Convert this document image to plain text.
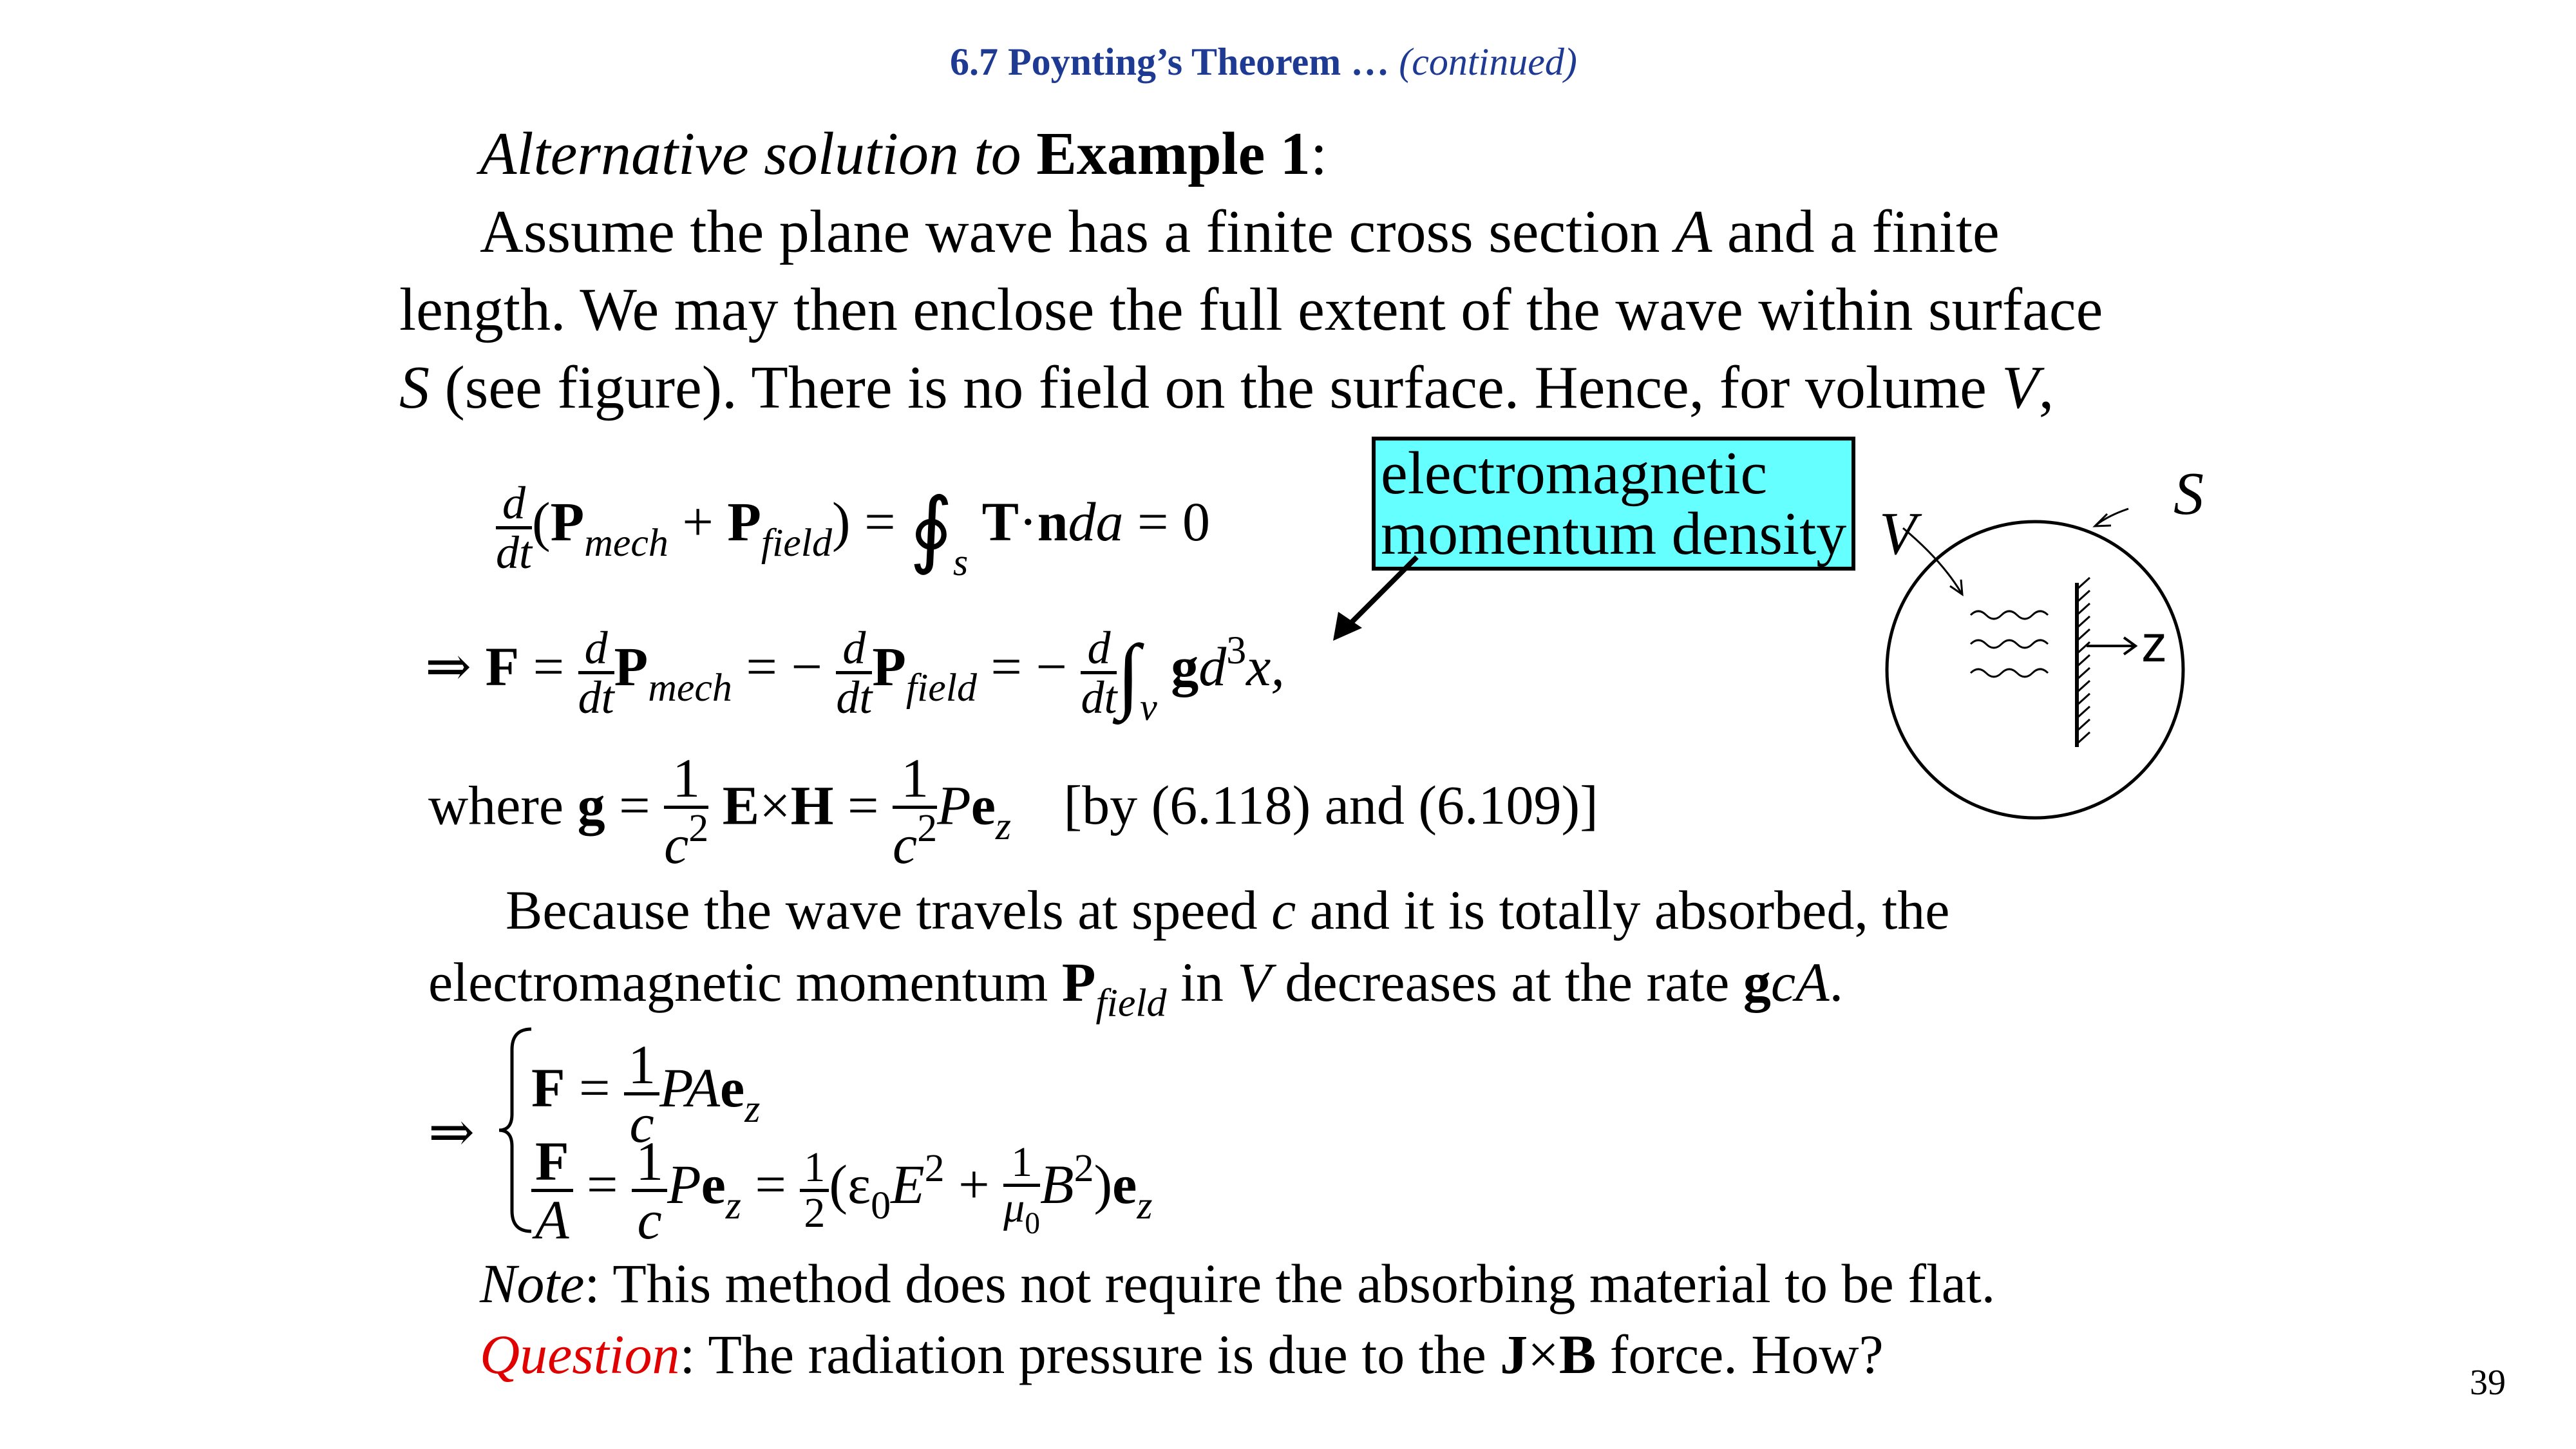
6.7 Poynting’s Theorem … (continued)
Alternative solution to Example 1:
Assume the plane wave has a finite cross section A and a finite
length. We may then enclose the full extent of the wave within surface
S (see figure). There is no field on the surface. Hence, for volume V,
$\frac{d}{dt} (P_{mech} + P_{field})$ = $∮_s$ T·nda = 0
electromagnetic
momentum density V
S
z
⇒ $F = \frac{d}{dt} P_{mech}$ = − $\frac{d}{dt} P_{field}$ = − $\frac{d}{dt} \int_v$ $gd^3x$,
where $g = \frac{1}{c^2} E\times H = \frac{1}{c^2} Pe_z$ [by (6.118) and (6.109)]
Because the wave travels at speed c and it is totally absorbed, the
electromagnetic momentum $P_{field}$ in V decreases at the rate gcA.
⇒
$F = \frac{1}{c} PAe_z$
$\frac{F}{A} = \frac{1}{c} Pe_z = \frac{1}{2} (\varepsilon_0E^2 + \frac{1}{\mu_0} B^2)e_z$
Note: This method does not require the absorbing material to be flat.
Question: The radiation pressure is due to the J×B force. How?	39
